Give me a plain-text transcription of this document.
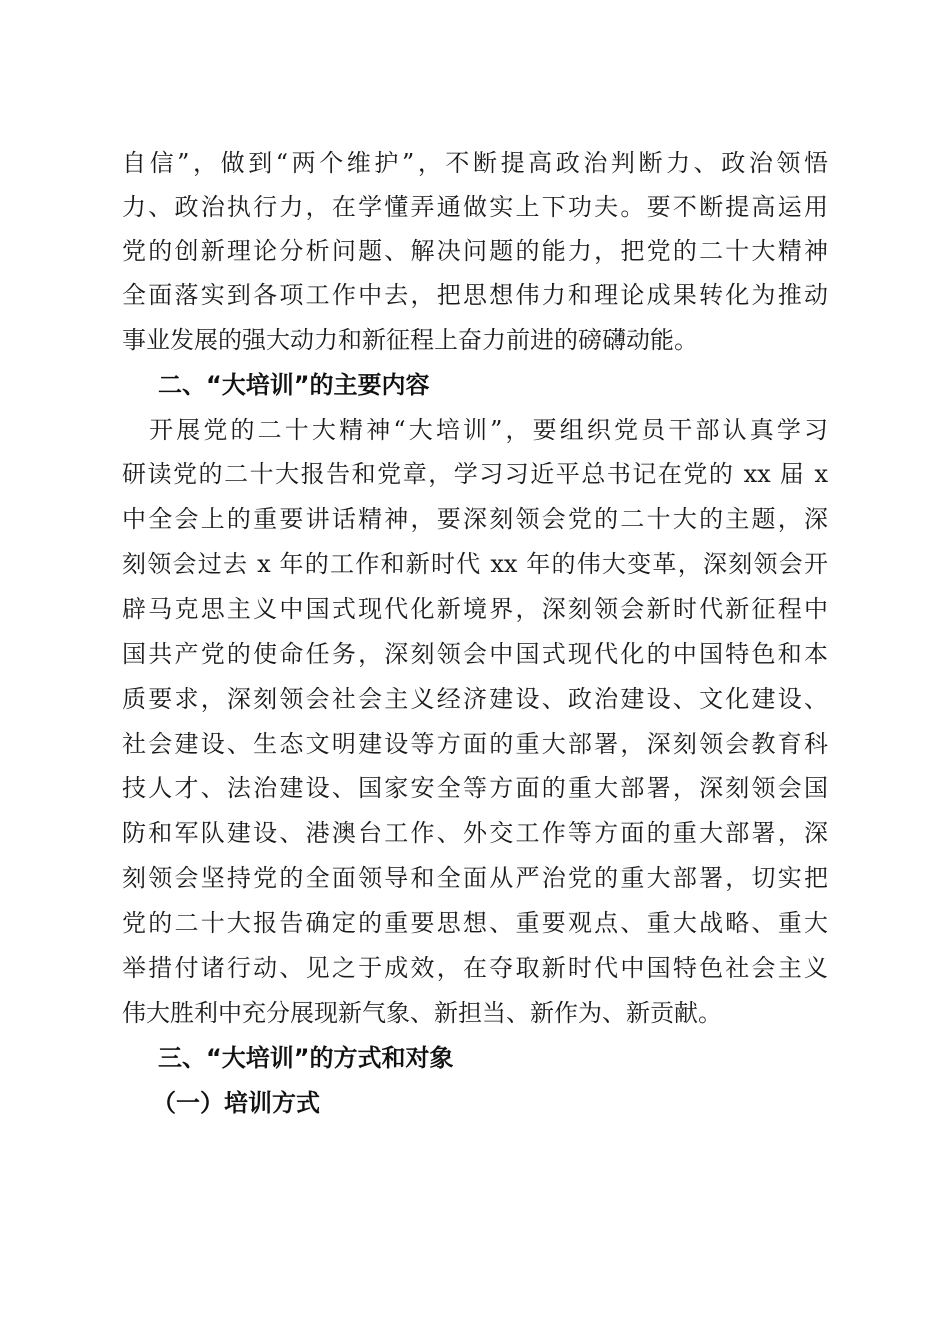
自信”，做到“两个维护”，不断提高政治判断力、政治领悟
力、政治执行力，在学懂弄通做实上下功夫。要不断提高运用
党的创新理论分析问题、解决问题的能力，把党的二十大精神
全面落实到各项工作中去，把思想伟力和理论成果转化为推动
事业发展的强大动力和新征程上奋力前进的磅礴动能。
二、“大培训”的主要内容
　开展党的二十大精神“大培训”，要组织党员干部认真学习
研读党的二十大报告和党章，学习习近平总书记在党的 xx 届 x
中全会上的重要讲话精神，要深刻领会党的二十大的主题，深
刻领会过去 x 年的工作和新时代 xx 年的伟大变革，深刻领会开
辟马克思主义中国式现代化新境界，深刻领会新时代新征程中
国共产党的使命任务，深刻领会中国式现代化的中国特色和本
质要求，深刻领会社会主义经济建设、政治建设、文化建设、
社会建设、生态文明建设等方面的重大部署，深刻领会教育科
技人才、法治建设、国家安全等方面的重大部署，深刻领会国
防和军队建设、港澳台工作、外交工作等方面的重大部署，深
刻领会坚持党的全面领导和全面从严治党的重大部署，切实把
党的二十大报告确定的重要思想、重要观点、重大战略、重大
举措付诸行动、见之于成效，在夺取新时代中国特色社会主义
伟大胜利中充分展现新气象、新担当、新作为、新贡献。
三、“大培训”的方式和对象
（一）培训方式
